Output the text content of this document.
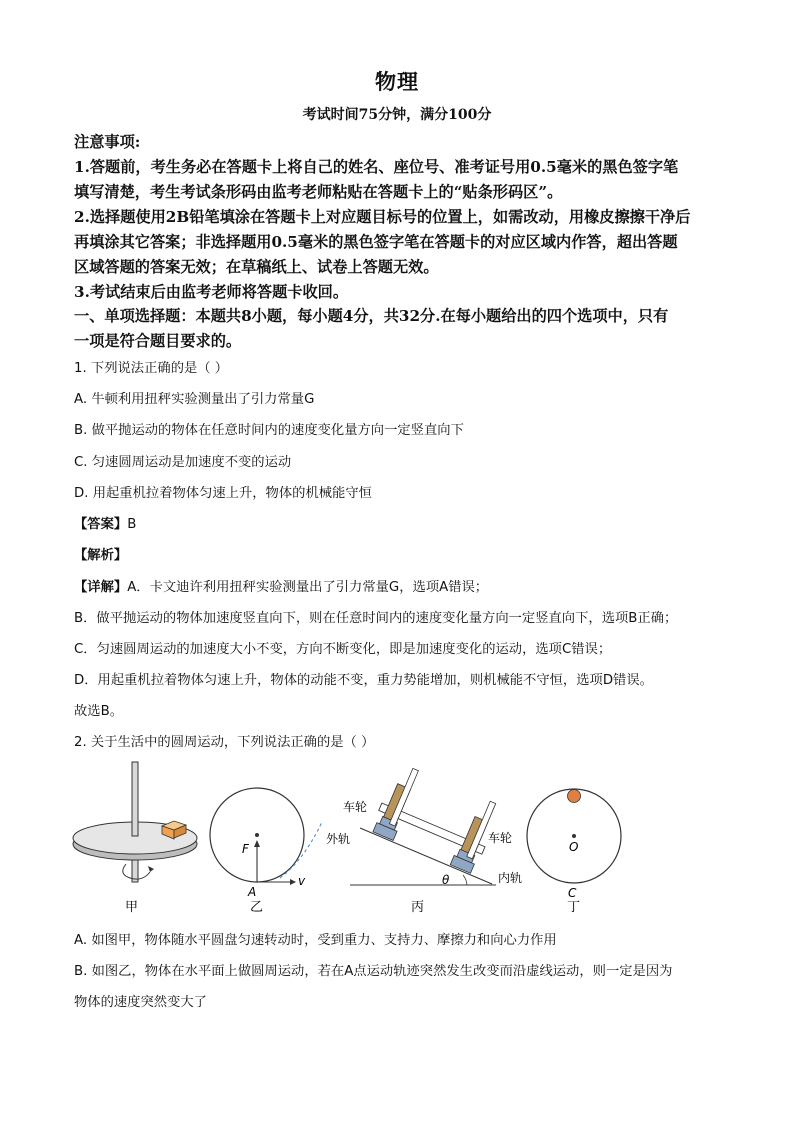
物理
考试时间75分钟，满分100分
注意事项:
1.答题前，考生务必在答题卡上将自己的姓名、座位号、准考证号用0.5毫米的黑色签字笔
填写清楚，考生考试条形码由监考老师粘贴在答题卡上的“贴条形码区”。
2.选择题使用2B铅笔填涂在答题卡上对应题目标号的位置上，如需改动，用橡皮擦擦干净后
再填涂其它答案；非选择题用0.5毫米的黑色签字笔在答题卡的对应区域内作答，超出答题
区域答题的答案无效；在草稿纸上、试卷上答题无效。
3.考试结束后由监考老师将答题卡收回。
一、单项选择题：本题共8小题，每小题4分，共32分.在每小题给出的四个选项中，只有
一项是符合题目要求的。
1. 下列说法正确的是（ ）
A. 牛顿利用扭秤实验测量出了引力常量G
B. 做平抛运动的物体在任意时间内的速度变化量方向一定竖直向下
C. 匀速圆周运动是加速度不变的运动
D. 用起重机拉着物体匀速上升，物体的机械能守恒
【答案】B
【解析】
【详解】A．卡文迪许利用扭秤实验测量出了引力常量G，选项A错误；
B．做平抛运动的物体加速度竖直向下，则在任意时间内的速度变化量方向一定竖直向下，选项B正确；
C．匀速圆周运动的加速度大小不变，方向不断变化，即是加速度变化的运动，选项C错误；
D．用起重机拉着物体匀速上升，物体的动能不变，重力势能增加，则机械能不守恒，选项D错误。
故选B。
2. 关于生活中的圆周运动，下列说法正确的是（ ）
甲
F
A
v
乙
车轮
外轨	车轮
内轨
θ
丙
O
C
丁
A. 如图甲，物体随水平圆盘匀速转动时，受到重力、支持力、摩擦力和向心力作用
B. 如图乙，物体在水平面上做圆周运动，若在A点运动轨迹突然发生改变而沿虚线运动，则一定是因为
物体的速度突然变大了
